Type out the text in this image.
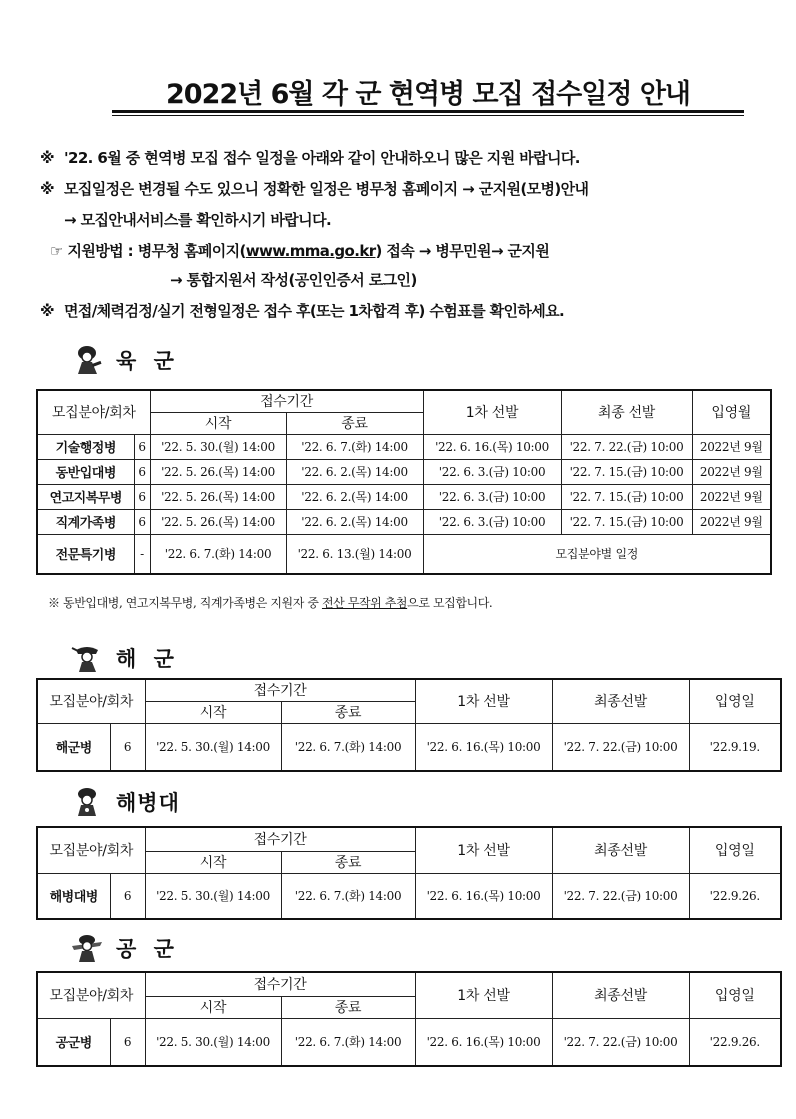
2022년 6월 각 군 현역병 모집 접수일정 안내
※ '22. 6월 중 현역병 모집 접수 일정을 아래와 같이 안내하오니 많은 지원 바랍니다.
※ 모집일정은 변경될 수도 있으니 정확한 일정은 병무청 홈페이지 → 군지원(모병)안내
→ 모집안내서비스를 확인하시기 바랍니다.
☞ 지원방법 : 병무청 홈페이지(www.mma.go.kr) 접속 → 병무민원→ 군지원
→ 통합지원서 작성(공인인증서 로그인)
※ 면접/체력검정/실기 전형일정은 접수 후(또는 1차합격 후) 수험표를 확인하세요.
육 군
모집분야/회차		접수기간		1차 선발	최종 선발	입영월
		시작	종료			
기술행정병	6	'22. 5. 30.(월) 14:00	'22. 6. 7.(화) 14:00	'22. 6. 16.(목) 10:00	'22. 7. 22.(금) 10:00	2022년 9월
동반입대병	6	'22. 5. 26.(목) 14:00	'22. 6. 2.(목) 14:00	'22. 6. 3.(금) 10:00	'22. 7. 15.(금) 10:00	2022년 9월
연고지복무병	6	'22. 5. 26.(목) 14:00	'22. 6. 2.(목) 14:00	'22. 6. 3.(금) 10:00	'22. 7. 15.(금) 10:00	2022년 9월
직계가족병	6	'22. 5. 26.(목) 14:00	'22. 6. 2.(목) 14:00	'22. 6. 3.(금) 10:00	'22. 7. 15.(금) 10:00	2022년 9월
전문특기병	-	'22. 6. 7.(화) 14:00	'22. 6. 13.(월) 14:00	모집분야별 일정		
※ 동반입대병, 연고지복무병, 직계가족병은 지원자 중 전산 무작위 추첨으로 모집합니다.
해 군
모집분야/회차		접수기간		1차 선발	최종선발	입영일
		시작	종료			
해군병	6	'22. 5. 30.(월) 14:00	'22. 6. 7.(화) 14:00	'22. 6. 16.(목) 10:00	'22. 7. 22.(금) 10:00	'22.9.19.
해병대
모집분야/회차		접수기간		1차 선발	최종선발	입영일
		시작	종료			
해병대병	6	'22. 5. 30.(월) 14:00	'22. 6. 7.(화) 14:00	'22. 6. 16.(목) 10:00	'22. 7. 22.(금) 10:00	'22.9.26.
공 군
모집분야/회차		접수기간		1차 선발	최종선발	입영일
		시작	종료			
공군병	6	'22. 5. 30.(월) 14:00	'22. 6. 7.(화) 14:00	'22. 6. 16.(목) 10:00	'22. 7. 22.(금) 10:00	'22.9.26.
